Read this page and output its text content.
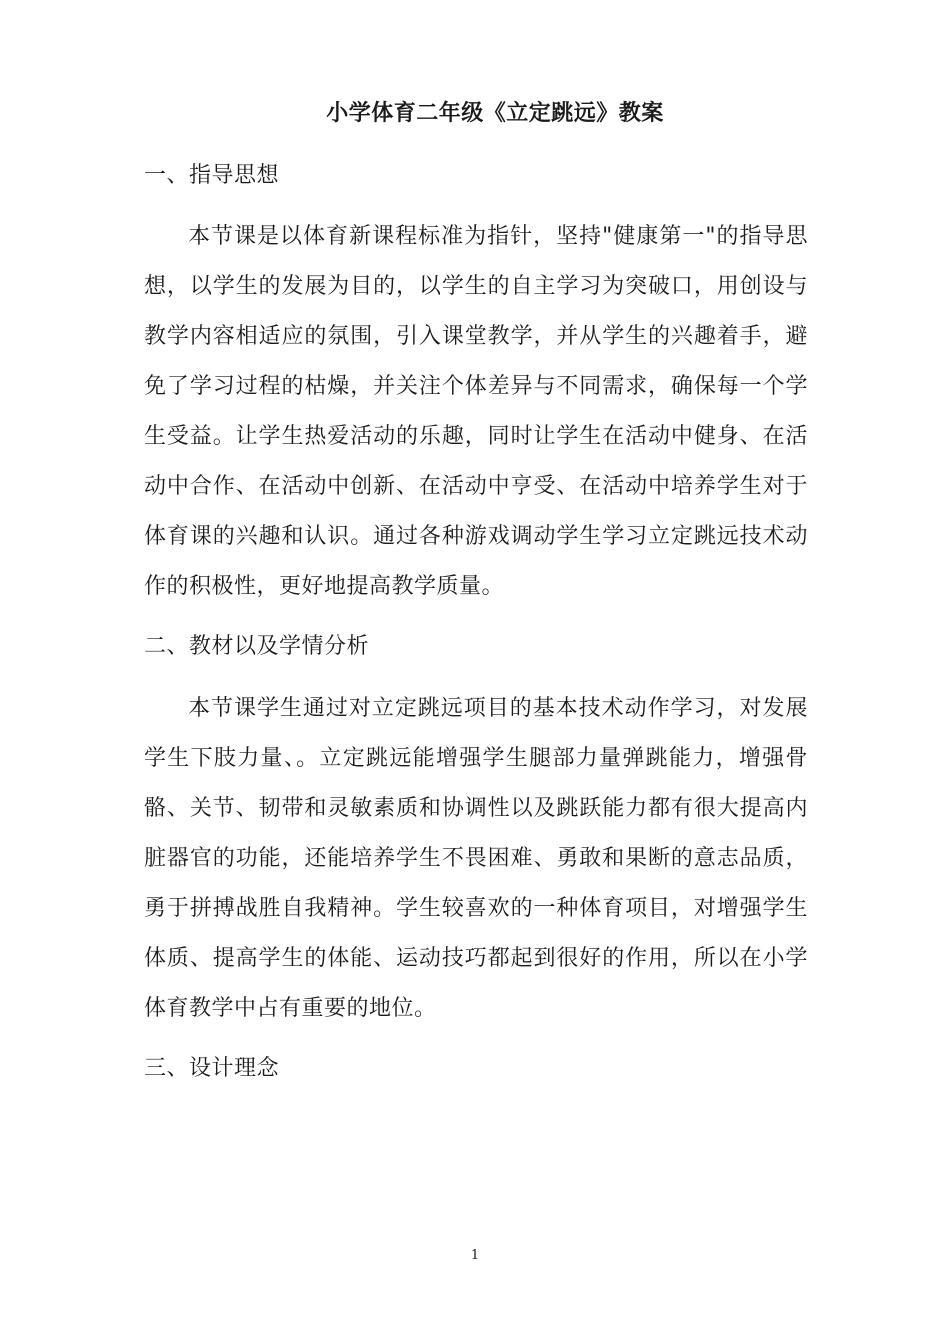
小学体育二年级《立定跳远》教案
一、指导思想

本节课是以体育新课程标准为指针，坚持"健康第一"的指导思想，以学生的发展为目的，以学生的自主学习为突破口，用创设与教学内容相适应的氛围，引入课堂教学，并从学生的兴趣着手，避免了学习过程的枯燥，并关注个体差异与不同需求，确保每一个学生受益。让学生热爱活动的乐趣，同时让学生在活动中健身、在活动中合作、在活动中创新、在活动中亨受、在活动中培养学生对于体育课的兴趣和认识。通过各种游戏调动学生学习立定跳远技术动作的积极性，更好地提高教学质量。

二、教材以及学情分析

本节课学生通过对立定跳远项目的基本技术动作学习，对发展学生下肢力量、。立定跳远能增强学生腿部力量弹跳能力，增强骨骼、关节、韧带和灵敏素质和协调性以及跳跃能力都有很大提高内脏器官的功能，还能培养学生不畏困难、勇敢和果断的意志品质，勇于拼搏战胜自我精神。学生较喜欢的一种体育项目，对增强学生体质、提高学生的体能、运动技巧都起到很好的作用，所以在小学体育教学中占有重要的地位。

三、设计理念
1
